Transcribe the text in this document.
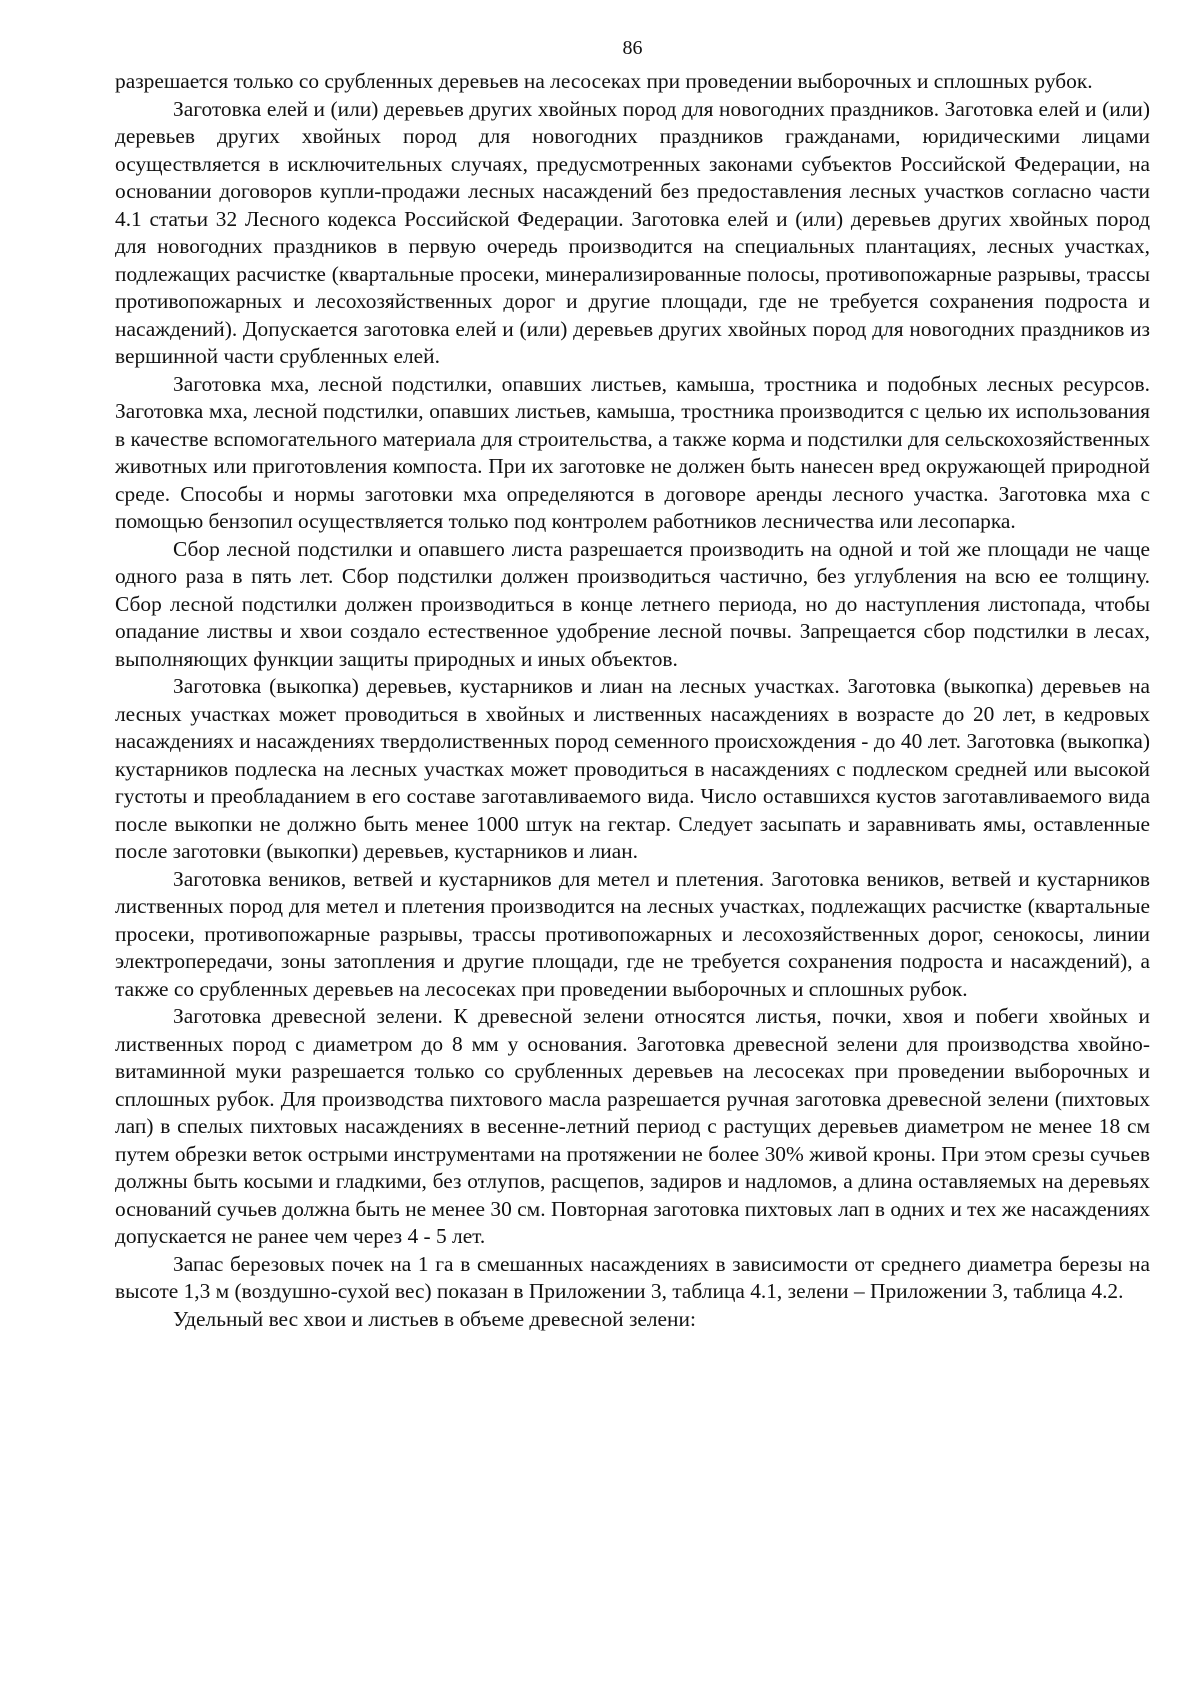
86

разрешается только со срубленных деревьев на лесосеках при проведении выборочных и сплошных рубок.

Заготовка елей и (или) деревьев других хвойных пород для новогодних праздников. Заготовка елей и (или) деревьев других хвойных пород для новогодних праздников гражданами, юридическими лицами осуществляется в исключительных случаях, предусмотренных законами субъектов Российской Федерации, на основании договоров купли-продажи лесных насаждений без предоставления лесных участков согласно части 4.1 статьи 32 Лесного кодекса Российской Федерации. Заготовка елей и (или) деревьев других хвойных пород для новогодних праздников в первую очередь производится на специальных плантациях, лесных участках, подлежащих расчистке (квартальные просеки, минерализированные полосы, противопожарные разрывы, трассы противопожарных и лесохозяйственных дорог и другие площади, где не требуется сохранения подроста и насаждений). Допускается заготовка елей и (или) деревьев других хвойных пород для новогодних праздников из вершинной части срубленных елей.

Заготовка мха, лесной подстилки, опавших листьев, камыша, тростника и подобных лесных ресурсов. Заготовка мха, лесной подстилки, опавших листьев, камыша, тростника производится с целью их использования в качестве вспомогательного материала для строительства, а также корма и подстилки для сельскохозяйственных животных или приготовления компоста. При их заготовке не должен быть нанесен вред окружающей природной среде. Способы и нормы заготовки мха определяются в договоре аренды лесного участка. Заготовка мха с помощью бензопил осуществляется только под контролем работников лесничества или лесопарка.

Сбор лесной подстилки и опавшего листа разрешается производить на одной и той же площади не чаще одного раза в пять лет. Сбор подстилки должен производиться частично, без углубления на всю ее толщину. Сбор лесной подстилки должен производиться в конце летнего периода, но до наступления листопада, чтобы опадание листвы и хвои создало естественное удобрение лесной почвы. Запрещается сбор подстилки в лесах, выполняющих функции защиты природных и иных объектов.

Заготовка (выкопка) деревьев, кустарников и лиан на лесных участках. Заготовка (выкопка) деревьев на лесных участках может проводиться в хвойных и лиственных насаждениях в возрасте до 20 лет, в кедровых насаждениях и насаждениях твердолиственных пород семенного происхождения - до 40 лет. Заготовка (выкопка) кустарников подлеска на лесных участках может проводиться в насаждениях с подлеском средней или высокой густоты и преобладанием в его составе заготавливаемого вида. Число оставшихся кустов заготавливаемого вида после выкопки не должно быть менее 1000 штук на гектар. Следует засыпать и заравнивать ямы, оставленные после заготовки (выкопки) деревьев, кустарников и лиан.

Заготовка веников, ветвей и кустарников для метел и плетения. Заготовка веников, ветвей и кустарников лиственных пород для метел и плетения производится на лесных участках, подлежащих расчистке (квартальные просеки, противопожарные разрывы, трассы противопожарных и лесохозяйственных дорог, сенокосы, линии электропередачи, зоны затопления и другие площади, где не требуется сохранения подроста и насаждений), а также со срубленных деревьев на лесосеках при проведении выборочных и сплошных рубок.

Заготовка древесной зелени. К древесной зелени относятся листья, почки, хвоя и побеги хвойных и лиственных пород с диаметром до 8 мм у основания. Заготовка древесной зелени для производства хвойно-витаминной муки разрешается только со срубленных деревьев на лесосеках при проведении выборочных и сплошных рубок. Для производства пихтового масла разрешается ручная заготовка древесной зелени (пихтовых лап) в спелых пихтовых насаждениях в весенне-летний период с растущих деревьев диаметром не менее 18 см путем обрезки веток острыми инструментами на протяжении не более 30% живой кроны. При этом срезы сучьев должны быть косыми и гладкими, без отлупов, расщепов, задиров и надломов, а длина оставляемых на деревьях оснований сучьев должна быть не менее 30 см. Повторная заготовка пихтовых лап в одних и тех же насаждениях допускается не ранее чем через 4 - 5 лет.

Запас березовых почек на 1 га в смешанных насаждениях в зависимости от среднего диаметра березы на высоте 1,3 м (воздушно-сухой вес) показан в Приложении 3, таблица 4.1, зелени – Приложении 3, таблица 4.2.

Удельный вес хвои и листьев в объеме древесной зелени:
